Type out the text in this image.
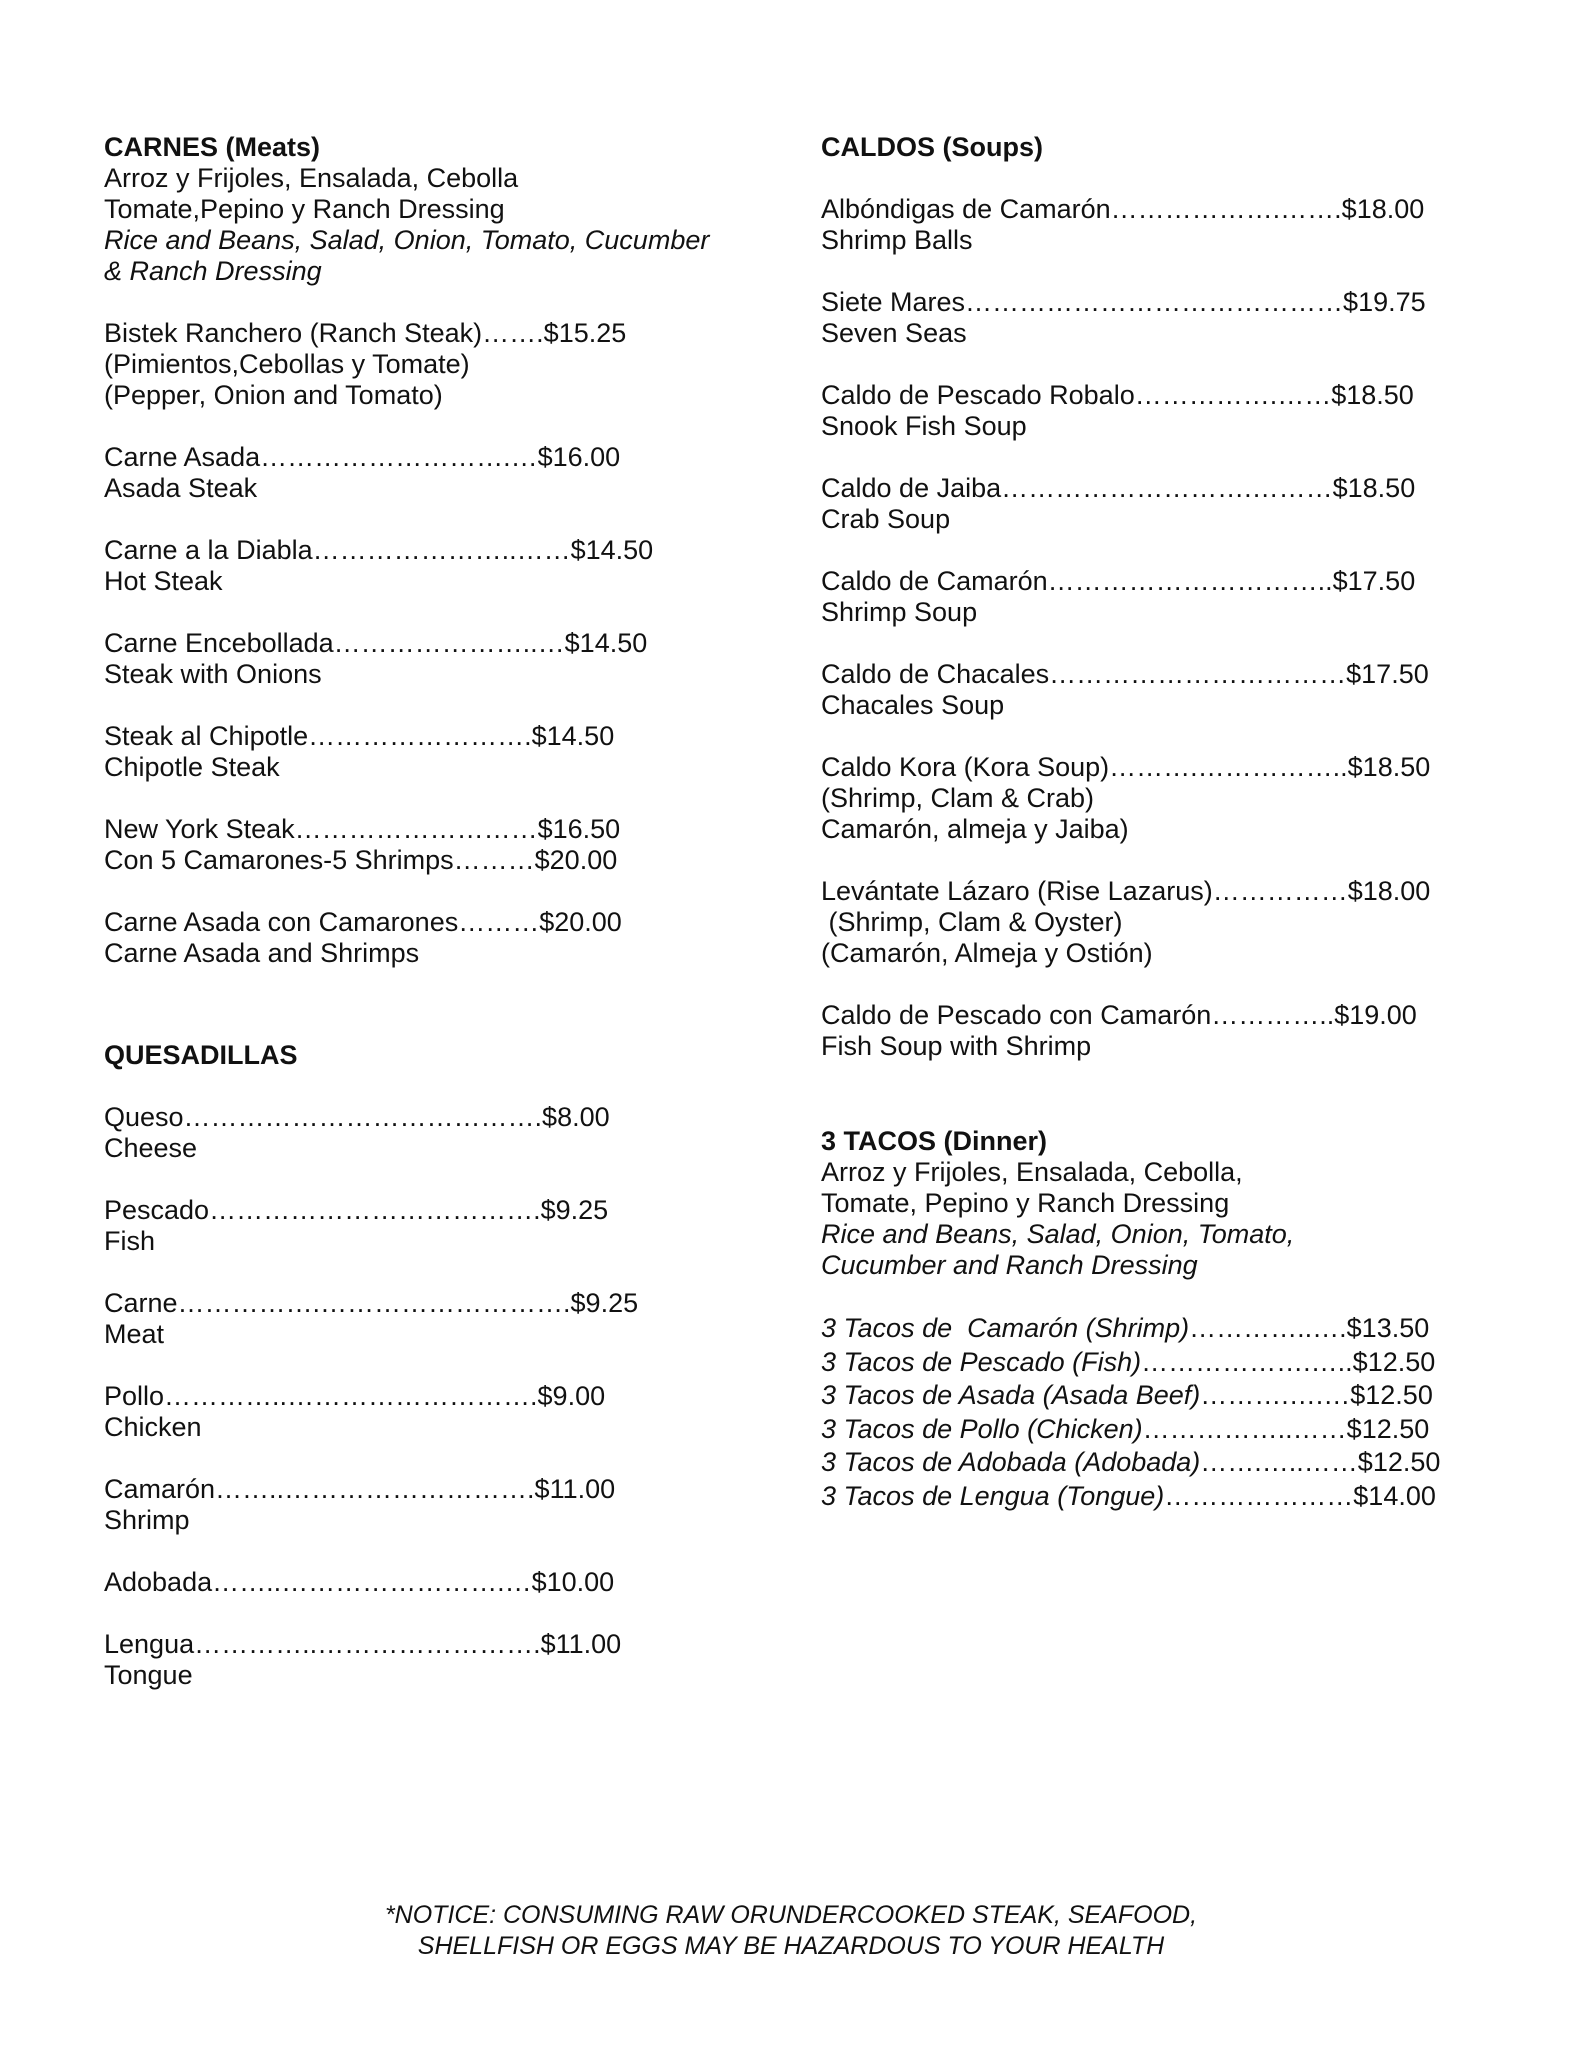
CARNES (Meats)

Arroz y Frijoles, Ensalada, Cebolla

Tomate,Pepino y Ranch Dressing

Rice and Beans, Salad, Onion, Tomato, Cucumber

& Ranch Dressing

Bistek Ranchero (Ranch Steak)…….$15.25

(Pimientos,Cebollas y Tomate)

(Pepper, Onion and Tomato)

Carne Asada……………………….…$16.00

Asada Steak

Carne a la Diabla…………………..……$14.50

Hot Steak

Carne Encebollada…………………..…$14.50

Steak with Onions

Steak al Chipotle…………………….$14.50

Chipotle Steak

New York Steak………………………$16.50

Con 5 Camarones-5 Shrimps………$20.00

Carne Asada con Camarones………$20.00

Carne Asada and Shrimps

QUESADILLAS

Queso………………………………….$8.00

Cheese

Pescado……………………………….$9.25

Fish

Carne…………….……………………….$9.25

Meat

Pollo…………..……………………….$9.00

Chicken

Camarón……..……………………….$11.00

Shrimp

Adobada……..…………………….…$10.00

Lengua…………..…………………….$11.00

Tongue

CALDOS (Soups)

Albóndigas de Camarón……………….…….$18.00

Shrimp Balls

Siete Mares……………………………………$19.75

Seven Seas

Caldo de Pescado Robalo…………….……$18.50

Snook Fish Soup

Caldo de Jaiba……………………….………$18.50

Crab Soup

Caldo de Camarón…………………………..$17.50

Shrimp Soup

Caldo de Chacales……………………………$17.50

Chacales Soup

Caldo Kora (Kora Soup)……….……………..$18.50

(Shrimp, Clam & Crab)

Camarón, almeja y Jaiba)

Levántate Lázaro (Rise Lazarus)……………$18.00

(Shrimp, Clam & Oyster)

(Camarón, Almeja y Ostión)

Caldo de Pescado con Camarón…………..$19.00

Fish Soup with Shrimp

3 TACOS (Dinner)

Arroz y Frijoles, Ensalada, Cebolla,

Tomate, Pepino y Ranch Dressing

Rice and Beans, Salad, Onion, Tomato,

Cucumber and Ranch Dressing

3 Tacos de  Camarón (Shrimp)…………..….$13.50

3 Tacos de Pescado (Fish)……………….…..$12.50

3 Tacos de Asada (Asada Beef)……….….…$12.50

3 Tacos de Pollo (Chicken)……………..……$12.50

3 Tacos de Adobada (Adobada)…….…..……$12.50

3 Tacos de Lengua (Tongue)…………………$14.00

*NOTICE: CONSUMING RAW ORUNDERCOOKED STEAK, SEAFOOD,

SHELLFISH OR EGGS MAY BE HAZARDOUS TO YOUR HEALTH
